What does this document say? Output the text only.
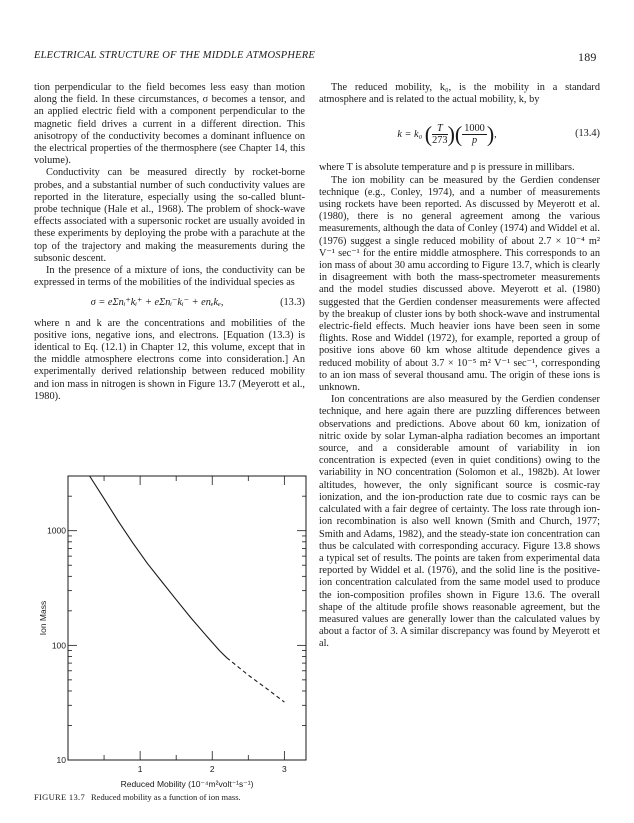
ELECTRICAL STRUCTURE OF THE MIDDLE ATMOSPHERE	189

tion perpendicular to the field becomes less easy than motion along the field. In these circumstances, σ becomes a tensor, and an applied electric field with a component perpendicular to the magnetic field drives a current in a different direction. This anisotropy of the conductivity becomes a dominant influence on the electrical properties of the thermosphere (see Chapter 14, this volume).

Conductivity can be measured directly by rocket-borne probes, and a substantial number of such conductivity values are reported in the literature, especially using the so-called blunt-probe technique (Hale et al., 1968). The problem of shock-wave effects associated with a supersonic rocket are usually avoided in these experiments by deploying the probe with a parachute at the top of the trajectory and making the measurements during the subsonic descent.

In the presence of a mixture of ions, the conductivity can be expressed in terms of the mobilities of the individual species as

σ = eΣnᵢ⁺kᵢ⁺ + eΣnᵢ⁻kᵢ⁻ + enₑkₑ,	(13.3)

where n and k are the concentrations and mobilities of the positive ions, negative ions, and electrons. [Equation (13.3) is identical to Eq. (12.1) in Chapter 12, this volume, except that in the middle atmosphere electrons come into consideration.] An experimentally derived relationship between reduced mobility and ion mass in nitrogen is shown in Figure 13.7 (Meyerott et al., 1980).

The reduced mobility, k₀, is the mobility in a standard atmosphere and is related to the actual mobility, k, by

k = k₀ ( $\frac{T}{273}$ )( $\frac{1000}{p}$ ),	(13.4)

where T is absolute temperature and p is pressure in millibars.

The ion mobility can be measured by the Gerdien condenser technique (e.g., Conley, 1974), and a number of measurements using rockets have been reported. As discussed by Meyerott et al. (1980), there is no general agreement among the various measurements, although the data of Conley (1974) and Widdel et al. (1976) suggest a single reduced mobility of about 2.7 × 10⁻⁴ m² V⁻¹ sec⁻¹ for the entire middle atmosphere. This corresponds to an ion mass of about 30 amu according to Figure 13.7, which is clearly in disagreement with both the mass-spectrometer measurements and the model studies discussed above. Meyerott et al. (1980) suggested that the Gerdien condenser measurements were affected by the breakup of cluster ions by both shock-wave and instrumental electric-field effects. Much heavier ions have been seen in some flights. Rose and Widdel (1972), for example, reported a group of positive ions above 60 km whose altitude dependence gives a reduced mobility of about 3.7 × 10⁻⁵ m² V⁻¹ sec⁻¹, corresponding to an ion mass of several thousand amu. The origin of these ions is unknown.

Ion concentrations are also measured by the Gerdien condenser technique, and here again there are puzzling differences between observations and predictions. Above about 60 km, ionization of nitric oxide by solar Lyman-alpha radiation becomes an important source, and a considerable amount of variability in ion concentration is expected (even in quiet conditions) owing to the variability in NO concentration (Solomon et al., 1982b). At lower altitudes, however, the only significant source is cosmic-ray ionization, and the ion-production rate due to cosmic rays can be calculated with a fair degree of certainty. The loss rate through ion-ion recombination is also well known (Smith and Church, 1977; Smith and Adams, 1982), and the steady-state ion concentration can thus be calculated with corresponding accuracy. Figure 13.8 shows a typical set of results. The points are taken from experimental data reported by Widdel et al. (1976), and the solid line is the positive-ion concentration calculated from the same model used to produce the ion-composition profiles shown in Figure 13.6. The overall shape of the altitude profile shows reasonable agreement, but the measured values are generally lower than the calculated values by about a factor of 3. A similar discrepancy was found by Meyerott et al.

1	2	3
10
100
1000
Reduced Mobility (10⁻⁴m²volt⁻¹s⁻¹)
Ion Mass
FIGURE 13.7 Reduced mobility as a function of ion mass.
